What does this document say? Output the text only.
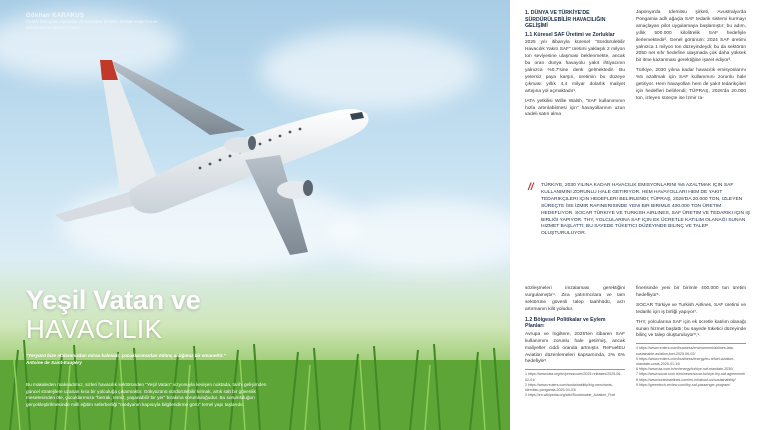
Gökhan KARAKUŞ
Global Sanayinin Havacılık ve Savunma Ekibinin Global Araştırma ve Enformasyon Merkezi Üyesi
Yeşil Vatan ve
HAVACILIK
"Yeryüzü bize atalarımızdan miras kalmadı; çocuklarımızdan ödünç aldığımız bir emanettir."
Antoine de Saint-Exupéry
Bu makaleden maksadımız, sizleri havacılık sektöründen "Yeşil Vatan" vizyonuyla kesişen noktada, tarihi gelişimden güncel stratejilere uzanan kısa bir yolculuğa çıkarmaktır. Gökyüzünü sürdürülebilir kılmak, artık salt bir güvenlik meselesinden öte, çocuklarımıza "berrak, temiz, yaşanabilir bir yer" bırakma sorumluluğudur. Bu sorumluluğun gerçekleştirilmesinde milli eğitim seferberliği "medyanın kapısıyla bilgilendirme görü" temel yapı taşlarıdır.
1. DÜNYA VE TÜRKİYE'DE SÜRDÜRÜLEBİLİR HAVACILIĞIN GELİŞİMİ
1.1 Küresel SAF Üretimi ve Zorluklar

2025 yılı itibarıyla küresel "Sürdürülebilir Havacılık Yakıtı SAF" üretimi yaklaşık 2 milyon ton seviyesine ulaşması beklenmekte, ancak bu oran dünya havayolu yakıt ihtiyacının yalnızca %0,7'sine denk gelmektedir. Bu yetersiz paya karşın, üretimin bu düzeye çıkması yıllık 4,4 milyar dolarlık maliyet artışına yol açmaktadır¹.

IATA yetkilisi Willie Walsh, "SAF kullanımının hızla artırılabilmesi için" havayollarının uzun vadeli satın alma

Japonya'da Idemitsu şirketi, Avustralya'da Pongamia adlı ağaçla SAF tedarik sistemi kurmayı amaçlayan pilot uygulamaya başlamıştır; bu adım, yıllık 500.000 kilolitrelik SAF hedefiyle ilerlemektedir². Genel görünüm: 2024 SAF üretimi yalnızca 1 milyon ton düzeyindeydi; bu da sektörün 2050 net sıfır hedefine ulaşmada çok daha yüksek bir itme kazanması gerektiğine işaret ediyor³.

Türkiye, 2030 yılına kadar havacılık emisyonlarını %5 azaltmak için SAF kullanımını zorunlu hale getiriyor. Hem havayolları hem de yakıt tedarikçileri için hedefleri belirlendi; TÜPRAŞ, 2026'da 20.000 ton, izleyen süreçte ise İzmir ra-

// TÜRKIYE, 2030 YILINA KADAR HAVACILIK EMISYONLARINI %5 AZALTMAK IÇIN SAF KULLANIMINI ZORUNLU HALE GETIRIYOR. HEM HAVAYOLLARI HEM DE YAKIT TEDARIKÇILERI IÇIN HEDEFLERI BELIRLENDI; TÜPRAŞ, 2026'DA 20.000 TON, IZLEYEN SÜREÇTE İSE İZMIR RAFINERISINDE YENI BIR BIRIMLE 400.000 TON ÜRETIM HEDEFLIYOR. SOCAR TÜRKIYE VE TURKISH AIRLINES, SAF ÜRETIM VE TEDARIKI IÇIN IŞ BIRLIĞI YAPIYOR. THY, YOLCULARINA SAF IÇIN EK ÜCRETLE KATILIM OLANAĞI SUNAN HIZMET BAŞLATTI; BU SAYEDE TÜKETICI DÜZEYINDE BILINÇ VE TALEP OLUŞTURULUYOR.

sözleşmeleri imzalaması gerektiğini vurgulamıştır⁴. Zira yatırımcılara ve tam sektörüne güvenli talep taahhüdü, arzı artırmanın kilit yoludur.

1.2 Bölgesel Politikalar ve Eylem Planları

Avrupa ve İngiltere, 2025'ten itibaren SAF kullanımını zorunlu hale getirmiş, ancak maliyetler ciddi oranda artmıştır. ReFuelEU Aviation düzenlemeleri kapsamında, 2% 6% hedefiyle⁵.

1 https://www.iata.org/en/pressroom/2025-releases/2025-06-02-01/

2 https://www.reuters.com/sustainability/big-merchants-idemitsu-pongamia-2025-04-03/

3 https://en.wikipedia.org/wiki/Sustainable_Aviation_Fuel

finerisinde yeni bir birimle 400.000 ton üretim hedefliyor⁶.

SOCAR Türkiye ve Turkish Airlines, SAF üretimi ve tedariki için iş birliği yapıyor⁷.

THY, yolcularına SAF için ek ücretle katılım olanağı sunan hizmet başlattı; bu sayede tüketici düzeyinde bilinç ve talep oluşturuluyor⁸,⁹.

4 https://www.reuters.com/business/environment/airlines-iata-sustainable-aviation-fuel-2025-06-02/

5 https://www.reuters.com/business/energy/eu-refuel-aviation-mandate-costs-2025-01-14/

6 https://www.aa.com.tr/en/energy/turkiye-saf-mandate-2030/

7 https://www.socar.com.tr/en/news/socar-turkiye-thy-saf-agreement/

8 https://www.turkishairlines.com/en-int/about-us/sustainability/

9 https://greentech-review.com/thy-saf-passenger-program/
